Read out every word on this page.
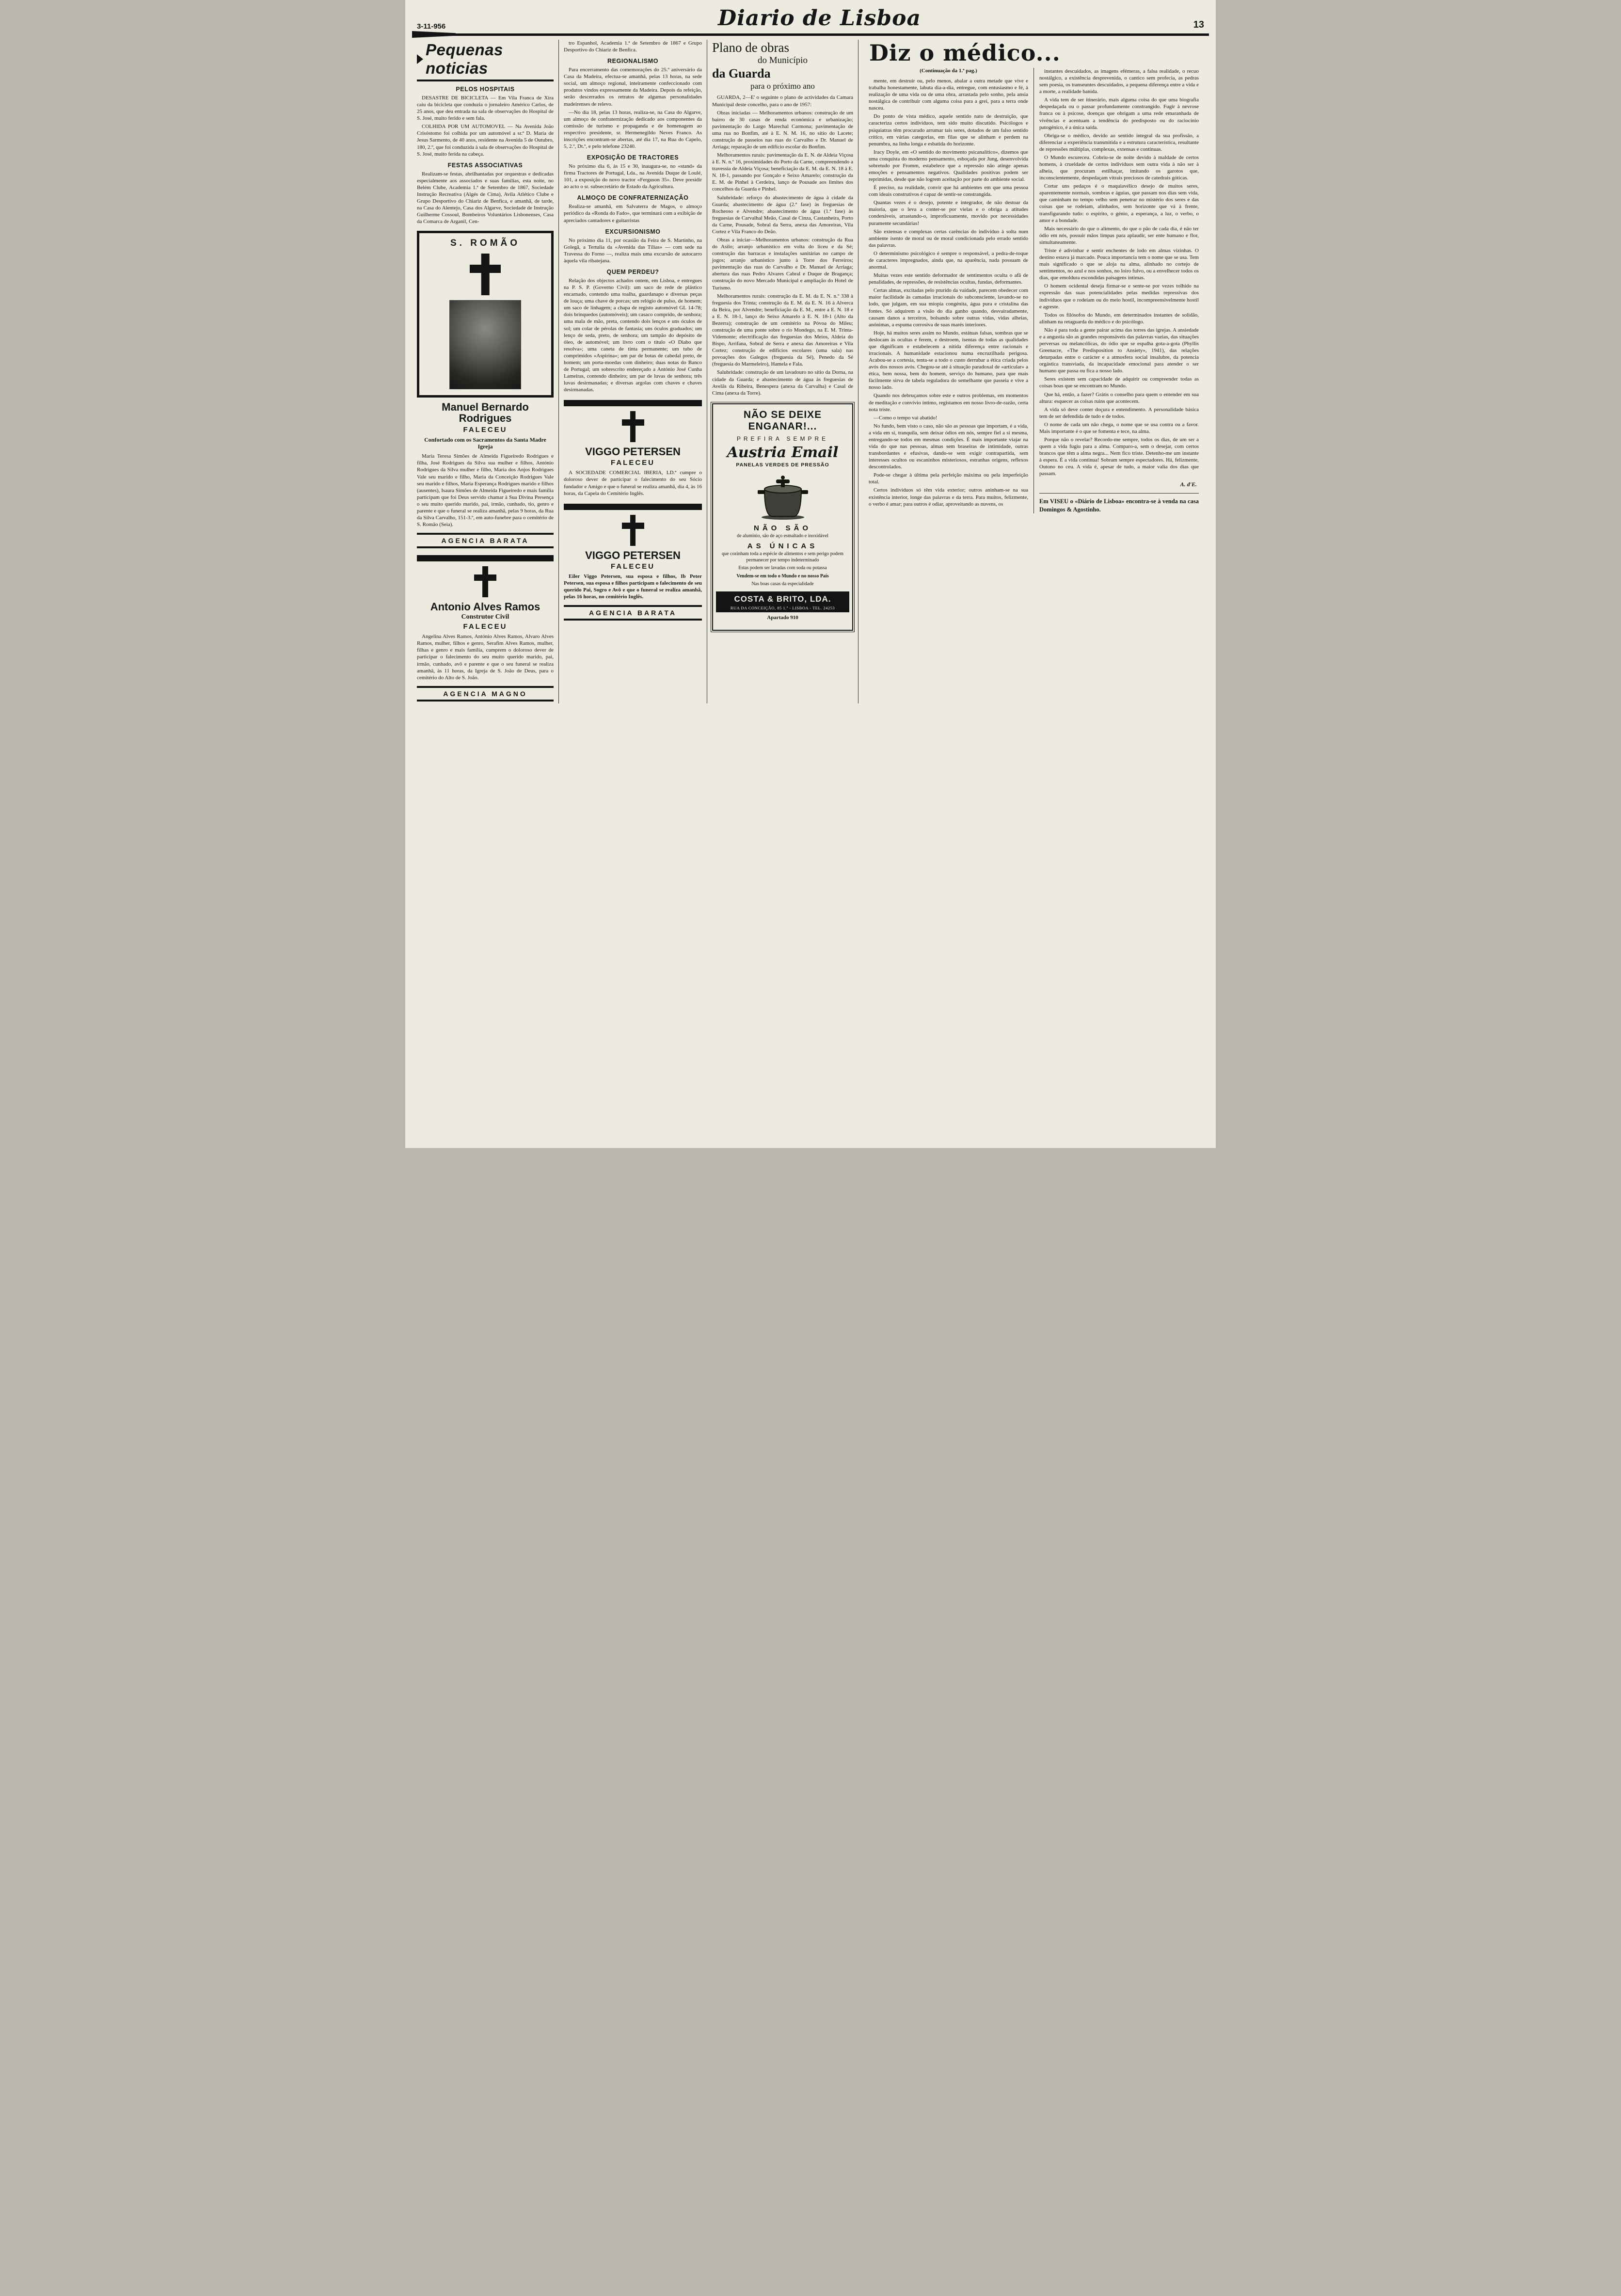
3-11-956	Diario de Lisboa	13
Pequenas noticias
PELOS HOSPITAIS

DESASTRE DE BICICLETA — Em Vila Franca de Xira caiu da bicicleta que conduzia o jornaleiro Américo Carlos, de 25 anos, que deu entrada na sala de observações do Hospital de S. José, muito ferido e sem fala.

COLHIDA POR UM AUTOMOVEL — Na Avenida João Crisóstomo foi colhida por um automóvel a sr.ª D. Maria de Jesus Sarmento, de 40 anos, residente na Avenida 5 de Outubro, 180, 2.º, que foi conduzida à sala de observações do Hospital de S. José, muito ferida na cabeça.

FESTAS ASSOCIATIVAS

Realizam-se festas, abrilhantadas por orquestras e dedicadas especialmente aos associados e suas famílias, esta noite, no Belém Clube, Academia 1.ª de Setembro de 1867, Sociedade Instrução Recreativa (Algés de Cima), Avila Atlético Clube e Grupo Desportivo do Chiariz de Benfica, e amanhã, de tarde, na Casa do Alentejo, Casa dos Algarve, Sociedade de Instrução Guilherme Cossoul, Bombeiros Voluntários Lisbonenses, Casa da Comarca de Arganil, Cen-

S. ROMÃO
Manuel Bernardo Rodrigues
FALECEU
Confortado com os Sacramentos da Santa Madre Igreja

Maria Teresa Simões de Almeida Figueiredo Rodrigues e filha, José Rodrigues da Silva sua mulher e filhos, António Rodrigues da Silva mulher e filho, Maria dos Anjos Rodrigues Vale seu marido e filho, Maria da Conceição Rodrigues Vale seu marido e filhos, Maria Esperança Rodrigues marido e filhos (ausentes), Isaura Simões de Almeida Figueiredo e mais família participam que foi Deus servido chamar à Sua Divina Presença o seu muito querido marido, pai, irmão, cunhado, tio, genro e parente e que o funeral se realiza amanhã, pelas 9 horas, da Rua da Silva Carvalho, 151-3.º, em auto-funebre para o cemitério de S. Romão (Seia).

AGENCIA BARATA
Antonio Alves Ramos
Construtor Civil
FALECEU

Angelina Alves Ramos, António Alves Ramos, Alvaro Alves Ramos, mulher, filhos e genro, Serafim Alves Ramos, mulher, filhas e genro e mais família, cumprem o doloroso dever de participar o falecimento do seu muito querido marido, pai, irmão, cunhado, avô e parente e que o seu funeral se realiza amanhã, às 11 horas, da Igreja de S. João de Deus, para o cemitério do Alto de S. João.

AGENCIA MAGNO

tro Espanhol, Academia 1.ª de Setembro de 1867 e Grupo Desportivo do Chiariz de Benfica.

REGIONALISMO

Para encerramento das comemorações do 25.º aniversário da Casa da Madeira, efectua-se amanhã, pelas 13 horas, na sede social, um almoço regional, inteiramente confeccionado com produtos vindos expressamente da Madeira. Depois da refeição, serão descerrados os retratos de algumas personalidades madeirenses de relevo.

—No dia 18, pelas 13 horas, realiza-se, na Casa do Algarve, um almoço de confraternização dedicado aos componentes da comissão de turismo e propaganda e de homenagem ao respectivo presidente, sr. Hermenegildo Neves Franco. As inscrições encontram-se abertas, até dia 17, na Rua do Capelo, 5, 2.º, Dt.º, e pelo telefone 23240.

EXPOSIÇÃO DE TRACTORES

No próximo dia 6, às 15 e 30, inaugura-se, no «stand» da firma Tractores de Portugal, Lda., na Avenida Duque de Loulé, 101, a exposição do novo tractor «Ferguson 35». Deve presidir ao acto o sr. subsecretário de Estado da Agricultura.

ALMOÇO DE CONFRATERNIZAÇÃO

Realiza-se amanhã, em Salvaterra de Magos, o almoço periódico da «Ronda do Fado», que terminará com a exibição de apreciados cantadores e guitarristas

EXCURSIONISMO

No próximo dia 11, por ocasião da Feira de S. Martinho, na Golegã, a Tertulia da «Avenida das Tílias» — com sede na Travessa do Forno —, realiza mais uma excursão de autocarro àquela vila ribatejana.

QUEM PERDEU?

Relação dos objectos achados ontem, em Lisboa, e entregues na P. S. P. (Governo Civil): um saco de rede de plástico encarnado, contendo uma toalha, guardanapo e diversas peças de louça; uma chave de porcas; um relógio de pulso, de homem; um saco de linhagem; a chapa de registo automóvel GL 14-78; dois brinquedos (automóveis); um casaco comprido, de senhora; uma mala de mão, preta, contendo dois lenços e uns óculos de sol; um colar de pérolas de fantasia; uns óculos graduados; um lenço de seda, preto, de senhora; um tampão do depósito de óleo, de automóvel; um livro com o título «O Diabo que resolva»; uma caneta de tinta permanente; um tubo de comprimidos «Aspirina»; um par de botas de cabedal preto, de homem; um porta-moedas com dinheiro; duas notas do Banco de Portugal; um sobrescrito endereçado a António José Cunha Lameiras, contendo dinheiro; um par de luvas de senhora; três luvas desirmanadas; e diversas argolas com chaves e chaves desirmanadas.

VIGGO PETERSEN
FALECEU

A SOCIEDADE COMERCIAL IBERIA, LD.ª cumpre o doloroso dever de participar o falecimento do seu Sócio fundador e Amigo e que o funeral se realiza amanhã, dia 4, às 16 horas, da Capela do Cemitério Inglês.

VIGGO PETERSEN
FALECEU

Eiler Viggo Petersen, sua esposa e filhos, Ib Peter Petersen, sua esposa e filhos participam o falecimento de seu querido Pai, Sogro e Avô e que o funeral se realiza amanhã, pelas 16 horas, no cemitério Inglês.

AGENCIA BARATA
Plano de obras
do Município
da Guarda
para o próximo ano

GUARDA, 2—E' o seguinte o plano de actividades da Camara Municipal deste concelho, para o ano de 1957:

Obras iniciadas — Melhoramentos urbanos: construção de um bairro de 30 casas de renda económica e urbanização; pavimentação do Largo Marechal Carmona; pavimentação de uma rua no Bonfim, até à E. N. M. 16, no sítio do Lacete; construção de passeios nas ruas do Carvalho e Dr. Manuel de Arriaga; reparação de um edifício escolar do Bonfim.

Melhoramentos rurais: pavimentação da E. N. de Aldeia Viçosa à E. N. n.º 16, proximidades do Porto da Carne, compreendendo a travessia de Aldeia Viçosa; beneficiação da E. M. da E. N. 18 à E. N. 18-1, passando por Gonçalo e Seixo Amarelo; construção da E. M. de Pinhel à Cerdeira, lanço de Pousade aos limites dos concelhos da Guarda e Pinhel.

Salubridade: reforço do abastecimento de água à cidade da Guarda; abastecimento de água (2.ª fase) às freguesias de Rocheoso e Alvendre; abastecimento de água (1.ª fase) às freguesias de Carvalhal Meão, Casal de Cinza, Castanheira, Porto da Carne, Pousade, Sobral da Serra, anexa das Amoreiras, Vila Cortez e Vila Franco do Deão.

Obras a iniciar—Melhoramentos urbanos: construção da Rua do Asilo; arranjo urbanístico em volta do liceu e da Sé; construção das barracas e instalações sanitárias no campo de jogos; arranjo urbanístico junto à Torre dos Ferreiros; pavimentação das ruas do Carvalho e Dr. Manuel de Arriaga; abertura das ruas Pedro Alvares Cabral e Duque de Bragança; construção do novo Mercado Municipal e ampliação do Hotel de Turismo.

Melhoramentos rurais: construção da E. M. da E. N. n.º 338 à freguesia dos Trinta; construção da E. M. da E. N. 16 à Alverca da Beira, por Alvendre; beneficiação da E. M., entre a E. N. 18 e a E. N. 18-1, lanço do Seixo Amarelo à E. N. 18-1 (Alto da Bezerra); construção de um cemitério na Póvoa do Mileu; construção de uma ponte sobre o rio Mondego, na E. M. Trinta-Videmonte; electrificação das freguesias dos Meios, Aldeia do Bispo, Arrifana, Sobral de Serra e anexa das Amoreiras e Vila Cortez; construção de edifícios escolares (uma sala) nas povoações dos Galegos (freguesia da Sé), Penedo da Sé (freguesia do Marmeleiro), Hamela e Fala.

Salubridade: construção de um lavadouro no sítio da Dorna, na cidade da Guarda; e abastecimento de água às freguesias de Avelãs da Ribeira, Benespera (anexa da Carvalha) e Casal de Cima (anexa da Torre).

NÃO SE DEIXE

ENGANAR!...

PREFIRA SEMPRE

Austria Email

PANELAS VERDES DE PRESSÃO

NÃO SÃO

de alumínio, são de aço esmaltado e inoxidável

AS ÚNICAS

que cozinham toda a espécie de alimentos e sem perigo podem permanecer por tempo indeterminado

Estas podem ser lavadas com soda ou potassa

Vendem-se em todo o Mundo e no nosso País

Nas boas casas da especialidade

COSTA & BRITO, LDA.
RUA DA CONCEIÇÃO, 85 1.º - LISBOA - TEL. 24253

Apartado 910

Diz o médico...

(Continuação da 1.ª pag.)

mente, em destruir ou, pelo menos, abalar a outra metade que vive e trabalha honestamente, labuta dia-a-dia, entregue, com entusiasmo e fé, à realização de uma vida ou de uma obra, arrastada pelo sonho, pela ansia nostálgica de contribuir com alguma coisa para a grei, para a terra onde nasceu.

Do ponto de vista médico, aquele sentido nato de destruição, que caracteriza certos indivíduos, tem sido muito discutido. Psicólogos e psiquiatras têm procurado arrumar tais seres, dotados de um falso sentido crítico, em várias categorias, em filas que se alinham e perdem na penumbra, na linha longa e esbatida do horizonte.

Iracy Doyle, em «O sentido do movimento psicanalítico», dizemos que uma conquista do moderno pensamento, esboçada por Jung, desenvolvida sobretudo por Fromm, estabelece que a repressão não atinge apenas emoções e pensamentos negativos. Qualidades positivas podem ser reprimidas, desde que não logrem aceitação por parte do ambiente social.

É preciso, na realidade, convir que há ambientes em que uma pessoa com ideais construtivos é capaz de sentir-se constrangida.

Quantas vezes é o desejo, potente e integrador, de não destoar da maioria, que o leva a conter-se por vielas e o obriga a atitudes condenáveis, arrastando-o, improficuamente, movido por necessidades puramente secundárias!

São extensas e complexas certas carências do indivíduo à solta num ambiente isento de moral ou de moral condicionada pelo errado sentido das palavras.

O determinismo psicológico é sempre o responsável, a pedra-de-toque de caracteres impregnados, ainda que, na aparência, nada possuam de anormal.

Muitas vezes este sentido deformador de sentimentos oculta o afã de penalidades, de repressões, de resistências ocultas, fundas, deformantes.

Certas almas, excitadas pelo prurido da vaidade, parecem obedecer com maior facilidade às camadas irracionais do subconsciente, lavando-se no lodo, que julgam, em sua miopia congénita, água pura e cristalina das fontes. Só adquirem a visão do dia ganho quando, desvairadamente, causam danos a terceiros, bolsando sobre outras vidas, vidas alheias, anónimas, a espuma corrosiva de suas marés interiores.

Hoje, há muitos seres assim no Mundo, estátuas falsas, sombras que se deslocam às ocultas e ferem, e destroem, isentas de todas as qualidades que dignificam e estabelecem a nítida diferença entre racionais e irracionais. A humanidade estacionou numa encruzilhada perigosa. Acabou-se a cortesia, tenta-se a todo o custo derrubar a ética criada pelos avós dos nossos avós. Chegou-se até à situação paradoxal de «articular» a ética, bem nossa, bem do homem, serviço do humano, para que mais fàcilmente sirva de tabela reguladora do semelhante que passeia e vive a nosso lado.

Quando nos debruçamos sobre este e outros problemas, em momentos de meditação e convívio íntimo, registamos em nosso livro-de-razão, certa nota triste.

—Como o tempo vai abatido!

No fundo, bem visto o caso, não são as pessoas que importam, é a vida, a vida em si, tranquila, sem deixar ódios em nós, sempre fiel a si mesma, entregando-se todos em mesmas condições. É mais importante viajar na vida do que nas pessoas, almas sem braseiras de intimidade, outras transbordantes e efusivas, dando-se sem exigir contrapartida, sem interesses ocultos ou escaninhos misteriosos, estranhas origens, reflexos descontrolados.

Pode-se chegar à última pela perfeição máxima ou pela imperfeição total.

Certos indivíduos só têm vida exterior; outros aninham-se na sua existência interior, longe das palavras e da terra. Para muitos, felizmente, o verbo é amar; para outros é odiar, aproveitando as nuvens, os

instantes descuidados, as imagens efémeras, a falsa realidade, o recuo nostálgico, a existência desprevenida, o cantico sem profecia, as pedras sem poesia, os transeuntes descuidados, a pequena diferença entre a vida e a morte, a realidade banida.

A vida tem de ser itinerário, mais alguma coisa do que uma biografia despedaçada ou o passar profundamente constrangido. Fugir à nevrose franca ou à psicose, doenças que obrigam a uma rede emaranhada de vivências e acentuam a tendência do predisposto ou do raciocínio patogénico, é a única saída.

Obriga-se o médico, devido ao sentido integral da sua profissão, a diferenciar a experiência transmitida e a estrutura característica, resultante de repressões múltiplas, complexas, extensas e contínuas.

O Mundo escureceu. Cobriu-se de noite devido à maldade de certos homens, à crueldade de certos indivíduos sem outra vida à não ser à alheia, que procuram estilhaçar, imitando os garotos que, inconscientemente, despedaçam vitrais preciosos de catedrais góticas.

Cortar uns pedaços é o maquiavélico desejo de muitos seres, aparentemente normais, sombras e águias, que passam nos dias sem vida, que caminham no tempo velho sem penetrar no mistério dos seres e das coisas que se rodeiam, alinhados, sem horizonte que vá à frente, transfigurando tudo: o espírito, o génio, a esperança, a luz, o verbo, o amor e a bondade.

Mais necessário do que o alimento, do que o pão de cada dia, é não ter ódio em nós, possuir mãos limpas para aplaudir, ser ente humano e flor, simultaneamente.

Triste é adivinhar e sentir enchentes de lodo em almas vizinhas. O destino estava já marcado. Pouca importancia tem o nome que se usa. Tem mais significado o que se aloja na alma, alinhado no cortejo de sentimentos, no azul e nos sonhos, no loiro fulvo, ou a envelhecer todos os dias, que emoldura escondidas paisagens íntimas.

O homem ocidental deseja firmar-se e sente-se por vezes tolhido na expressão das suas potencialidades pelas medidas repressivas dos indivíduos que o rodeiam ou do meio hostil, incompreensivelmente hostil e agreste.

Todos os filósofos do Mundo, em determinados instantes de solidão, alinham na retaguarda do médico e do psicólogo.

Não é para toda a gente pairar acima das torres das igrejas. A ansiedade e a angustia são as grandes responsáveis das palavras vazias, das situações perversas ou melancólicas, do ódio que se espalha gota-a-gota (Phyllis Greenacre, «The Predisposition to Ansiety», 1941), das relações deturpadas entre o carácter e a atmosfera social insalubre, da potencia orgástica transviada, da incapacidade emocional para atender o ser humano que passa ou fica a nosso lado.

Seres existem sem capacidade de adquirir ou compreender todas as coisas boas que se encontram no Mundo.

Que há, então, a fazer? Grátis o conselho para quem o entender em sua altura: esquecer as coisas ruins que acontecem.

A vida só deve conter doçura e entendimento. A personalidade básica tem de ser defendida de tudo e de todos.

O nome de cada um não chega, o nome que se usa contra ou a favor. Mais importante é o que se fomenta e tece, na alma.

Porque não o revelar? Recordo-me sempre, todos os dias, de um ser a quem a vida fugiu para a alma. Comparo-a, sem o desejar, com certos brancos que têm a alma negra... Nem fico triste. Detenho-me um instante à espera. É a vida continua! Sobram sempre espectadores. Há, felizmente, Outono no ceu. A vida é, apesar de tudo, a maior valia dos dias que passam.

A. d'E.

Em VISEU o «Diário de Lisboa» encontra-se à venda na casa Domingos & Agostinho.
